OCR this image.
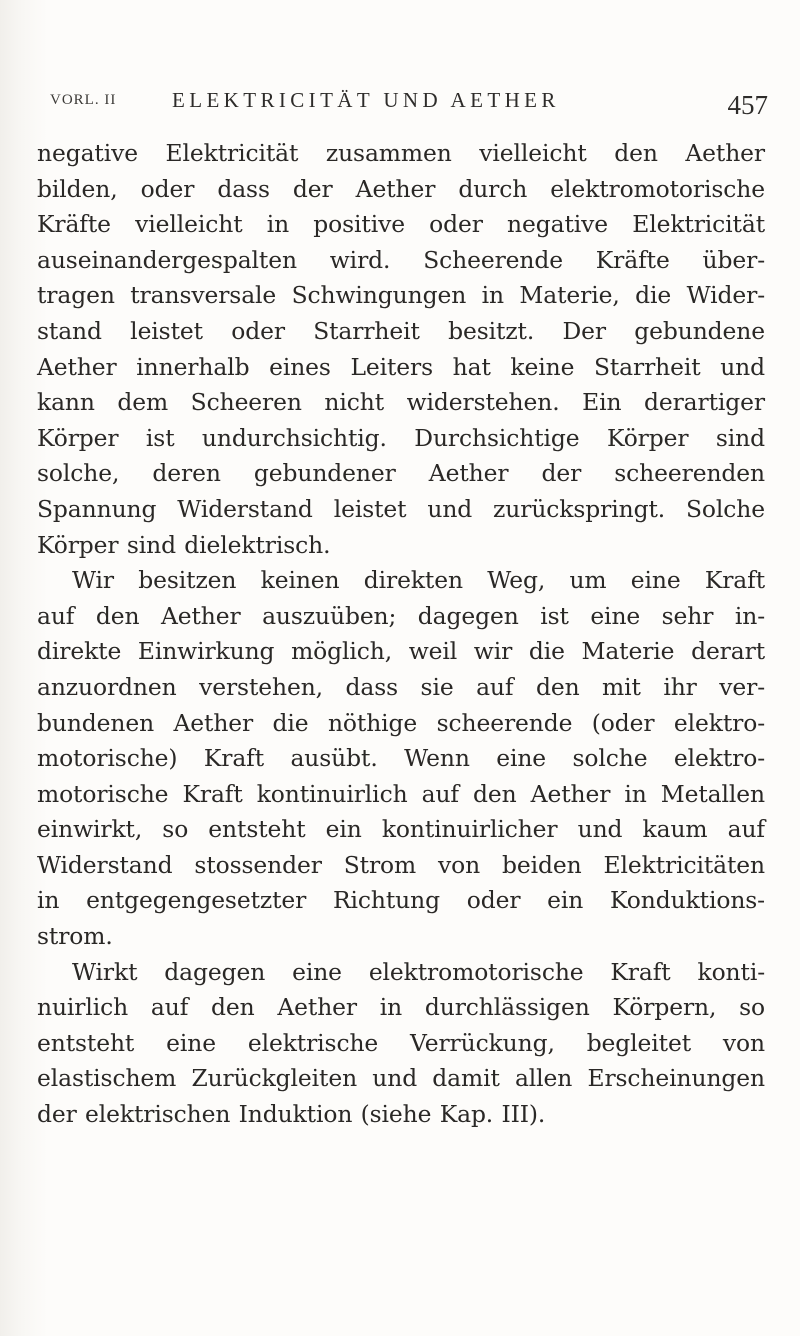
VORL. II	ELEKTRICITÄT UND AETHER	457
negative Elektricität zusammen vielleicht den Aether
bilden, oder dass der Aether durch elektromotorische
Kräfte vielleicht in positive oder negative Elektricität
auseinandergespalten wird. Scheerende Kräfte über-
tragen transversale Schwingungen in Materie, die Wider-
stand leistet oder Starrheit besitzt. Der gebundene
Aether innerhalb eines Leiters hat keine Starrheit und
kann dem Scheeren nicht widerstehen. Ein derartiger
Körper ist undurchsichtig. Durchsichtige Körper sind
solche, deren gebundener Aether der scheerenden
Spannung Widerstand leistet und zurückspringt. Solche
Körper sind dielektrisch.
Wir besitzen keinen direkten Weg, um eine Kraft
auf den Aether auszuüben; dagegen ist eine sehr in-
direkte Einwirkung möglich, weil wir die Materie derart
anzuordnen verstehen, dass sie auf den mit ihr ver-
bundenen Aether die nöthige scheerende (oder elektro-
motorische) Kraft ausübt. Wenn eine solche elektro-
motorische Kraft kontinuirlich auf den Aether in Metallen
einwirkt, so entsteht ein kontinuirlicher und kaum auf
Widerstand stossender Strom von beiden Elektricitäten
in entgegengesetzter Richtung oder ein Konduktions-
strom.
Wirkt dagegen eine elektromotorische Kraft konti-
nuirlich auf den Aether in durchlässigen Körpern, so
entsteht eine elektrische Verrückung, begleitet von
elastischem Zurückgleiten und damit allen Erscheinungen
der elektrischen Induktion (siehe Kap. III).
